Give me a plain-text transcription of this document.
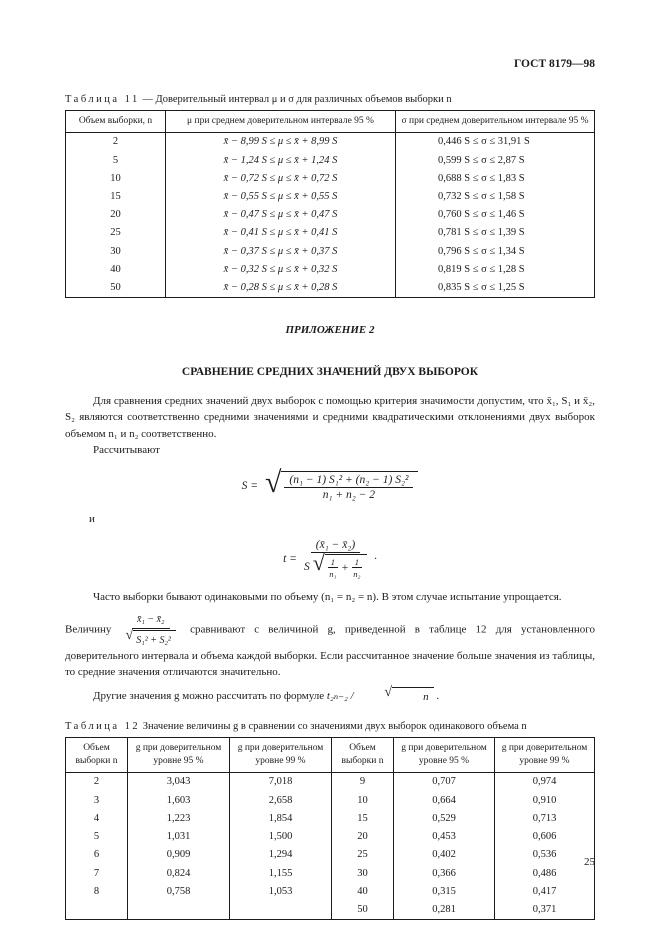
ГОСТ 8179—98
Таблица 11 — Доверительный интервал μ и σ для различных объемов выборки n
Объем выборки, n	μ при среднем доверительном интервале 95 %	σ при среднем доверительном интервале 95 %
2	x̄ − 8,99 S ≤ μ ≤ x̄ + 8,99 S	0,446 S ≤ σ ≤ 31,91 S
5	x̄ − 1,24 S ≤ μ ≤ x̄ + 1,24 S	0,599 S ≤ σ ≤ 2,87 S
10	x̄ − 0,72 S ≤ μ ≤ x̄ + 0,72 S	0,688 S ≤ σ ≤ 1,83 S
15	x̄ − 0,55 S ≤ μ ≤ x̄ + 0,55 S	0,732 S ≤ σ ≤ 1,58 S
20	x̄ − 0,47 S ≤ μ ≤ x̄ + 0,47 S	0,760 S ≤ σ ≤ 1,46 S
25	x̄ − 0,41 S ≤ μ ≤ x̄ + 0,41 S	0,781 S ≤ σ ≤ 1,39 S
30	x̄ − 0,37 S ≤ μ ≤ x̄ + 0,37 S	0,796 S ≤ σ ≤ 1,34 S
40	x̄ − 0,32 S ≤ μ ≤ x̄ + 0,32 S	0,819 S ≤ σ ≤ 1,28 S
50	x̄ − 0,28 S ≤ μ ≤ x̄ + 0,28 S	0,835 S ≤ σ ≤ 1,25 S
ПРИЛОЖЕНИЕ 2
СРАВНЕНИЕ СРЕДНИХ ЗНАЧЕНИЙ ДВУХ ВЫБОРОК

Для сравнения средних значений двух выборок с помощью критерия значимости допустим, что x̄₁, S₁ и x̄₂, S₂ являются соответственно средними значениями и средними квадратическими отклонениями двух выборок объемом n₁ и n₂ соответственно.

Рассчитывают

S = √ $\frac{\text{(n₁ − 1) S₁² + (n₂ − 1) S₂²}}{\text{n₁ + n₂ − 2}}$

и

t =
(x̄₁ − x̄₂)
S √ $\frac{1}{\text{n₁}} + \frac{1}{\text{n₂}}$ ·

Часто выборки бывают одинаковыми по объему (n₁ = n₂ = n). В этом случае испытание упрощается.

Величину $\frac{\text{x̄₁ − x̄₂}}{\text{√ S₁² + S₂²}}$ сравнивают с величиной g, приведенной в таблице 12 для установленного доверительного интервала и объема каждой выборки. Если рассчитанное значение больше значения из таблицы, то средние значения отличаются значительно.

Другие значения g можно рассчитать по формуле t₂ₙ₋₂ /	√	n .

Таблица 12 Значение величины g в сравнении со значениями двух выборок одинакового объема n
Объем выборки n	g при доверительном уровне 95 %	g при доверительном уровне 99 %	Объем выборки n	g при доверительном уровне 95 %	g при доверительном уровне 99 %
2	3,043	7,018	9	0,707	0,974
3	1,603	2,658	10	0,664	0,910
4	1,223	1,854	15	0,529	0,713
5	1,031	1,500	20	0,453	0,606
6	0,909	1,294	25	0,402	0,536
7	0,824	1,155	30	0,366	0,486
8	0,758	1,053	40	0,315	0,417
			50	0,281	0,371
25
